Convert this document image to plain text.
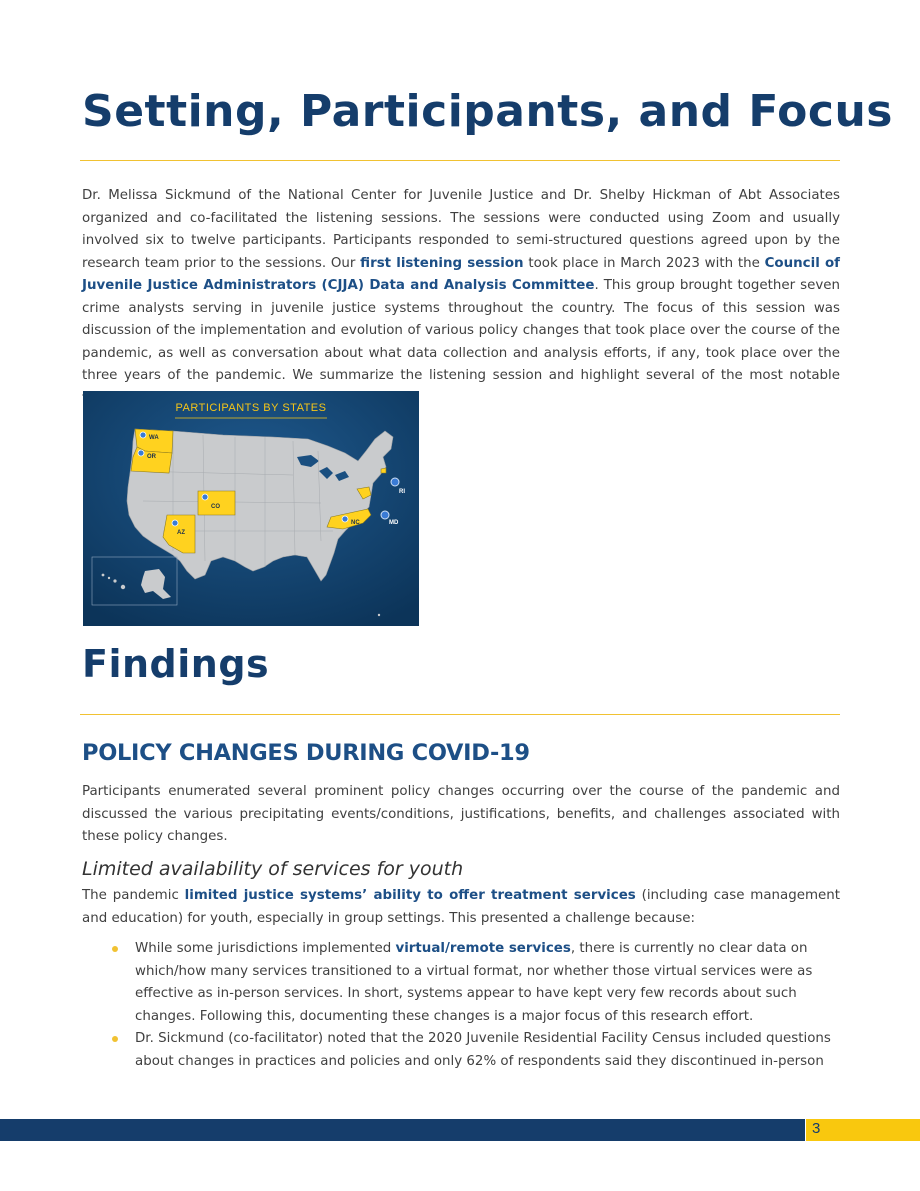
Setting, Participants, and Focus

Dr. Melissa Sickmund of the National Center for Juvenile Justice and Dr. Shelby Hickman of Abt Associates organized and co-facilitated the listening sessions. The sessions were conducted using Zoom and usually involved six to twelve participants. Participants responded to semi-structured questions agreed upon by the research team prior to the sessions. Our first listening session took place in March 2023 with the Council of Juvenile Justice Administrators (CJJA) Data and Analysis Committee. This group brought together seven crime analysts serving in juvenile justice systems throughout the country. The focus of this session was discussion of the implementation and evolution of various policy changes that took place over the course of the pandemic, as well as conversation about what data collection and analysis efforts, if any, took place over the three years of the pandemic. We summarize the listening session and highlight several of the most notable

PARTICIPANTS BY STATES
WA
OR
CO
AZ
NC
RI
MD
Findings
POLICY CHANGES DURING COVID-19

Participants enumerated several prominent policy changes occurring over the course of the pandemic and discussed the various precipitating events/conditions, justifications, benefits, and challenges associated with these policy changes.

Limited availability of services for youth

The pandemic limited justice systems’ ability to offer treatment services (including case management and education) for youth, especially in group settings. This presented a challenge because:

While some jurisdictions implemented virtual/remote services, there is currently no clear data on which/how many services transitioned to a virtual format, nor whether those virtual services were as effective as in-person services. In short, systems appear to have kept very few records about such changes. Following this, documenting these changes is a major focus of this research effort.
Dr. Sickmund (co-facilitator) noted that the 2020 Juvenile Residential Facility Census included questions about changes in practices and policies and only 62% of respondents said they discontinued in-person
3
